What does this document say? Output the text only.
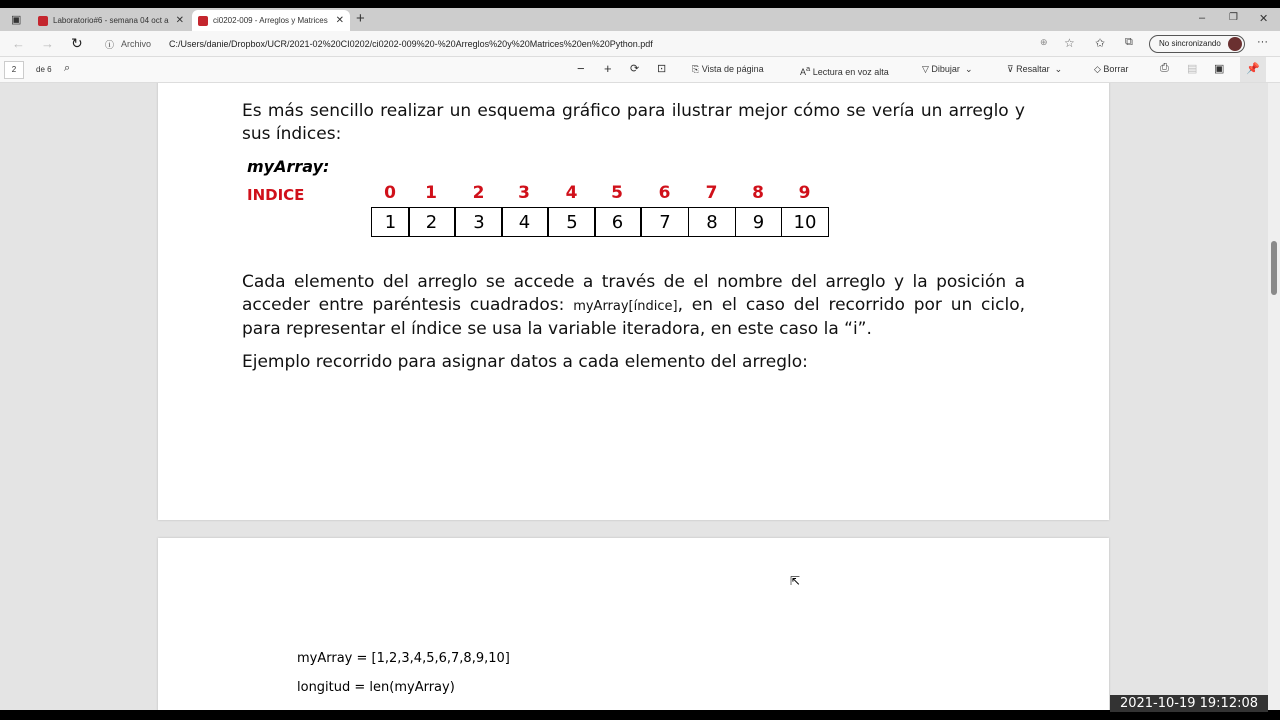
▣	Laboratorio#6 - semana 04 oct a ✕	ci0202-009 - Arreglos y Matrices ✕ +	– ❐ ✕
← → ↻ ⓘ Archivo C:/Users/danie/Dropbox/UCR/2021-02%20CI0202/ci0202-009%20-%20Arreglos%20y%20Matrices%20en%20Python.pdf	⊕ ☆ ✩ ⧉	No sincronizando	···
2	de 6 ⌕	− + ⟳ ⊡	⎘ Vista de página	$A^a$ Lectura en voz alta	▽ Dibujar  ⌄	⊽ Resaltar  ⌄	◇ Borrar	⎙ ▤ ▣	📌
Es más sencillo realizar un esquema gráfico para ilustrar mejor cómo se vería un arreglo y sus índices:
myArray:
INDICE	0	1	2	3	4	5	6	7	8	9
1	2	3	4	5	6	7	8	9	10
Cada elemento del arreglo se accede a través de el nombre del arreglo y la posición a acceder entre paréntesis cuadrados: myArray[índice], en el caso del recorrido por un ciclo, para representar el índice se usa la variable iteradora, en este caso la “i”.
Ejemplo recorrido para asignar datos a cada elemento del arreglo:
myArray = [1,2,3,4,5,6,7,8,9,10]
longitud = len(myArray)
⇱
2021-10-19 19:12:08
